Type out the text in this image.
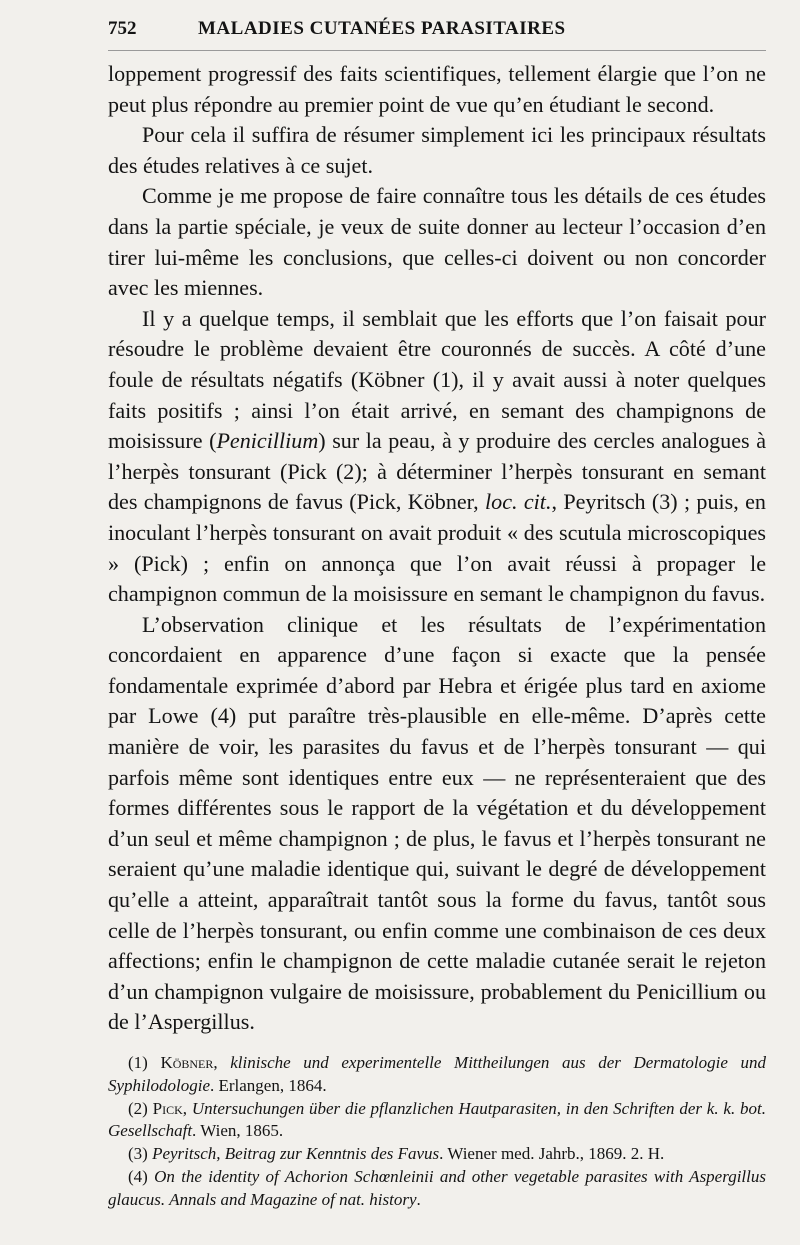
752	MALADIES CUTANÉES PARASITAIRES

loppement progressif des faits scientifiques, tellement élargie que l’on ne peut plus répondre au premier point de vue qu’en étudiant le second.

Pour cela il suffira de résumer simplement ici les principaux résultats des études relatives à ce sujet.

Comme je me propose de faire connaître tous les détails de ces études dans la partie spéciale, je veux de suite donner au lecteur l’occasion d’en tirer lui-même les conclusions, que celles-ci doivent ou non concorder avec les miennes.

Il y a quelque temps, il semblait que les efforts que l’on faisait pour résoudre le problème devaient être couronnés de succès. A côté d’une foule de résultats négatifs (Köbner (1), il y avait aussi à noter quelques faits positifs ; ainsi l’on était arrivé, en semant des champignons de moisissure (Penicillium) sur la peau, à y produire des cercles analogues à l’herpès tonsurant (Pick (2); à déterminer l’herpès tonsurant en semant des champignons de favus (Pick, Köbner, loc. cit., Peyritsch (3) ; puis, en inoculant l’herpès tonsurant on avait produit « des scutula microscopiques » (Pick) ; enfin on annonça que l’on avait réussi à propager le champignon commun de la moisissure en semant le champignon du favus.

L’observation clinique et les résultats de l’expérimentation concordaient en apparence d’une façon si exacte que la pensée fondamentale exprimée d’abord par Hebra et érigée plus tard en axiome par Lowe (4) put paraître très-plausible en elle-même. D’après cette manière de voir, les parasites du favus et de l’herpès tonsurant — qui parfois même sont identiques entre eux — ne représenteraient que des formes différentes sous le rapport de la végétation et du développement d’un seul et même champignon ; de plus, le favus et l’herpès tonsurant ne seraient qu’une maladie identique qui, suivant le degré de développement qu’elle a atteint, apparaîtrait tantôt sous la forme du favus, tantôt sous celle de l’herpès tonsurant, ou enfin comme une combinaison de ces deux affections; enfin le champignon de cette maladie cutanée serait le rejeton d’un champignon vulgaire de moisissure, probablement du Penicillium ou de l’Aspergillus.

(1) Köbner, klinische und experimentelle Mittheilungen aus der Dermatologie und Syphilodologie. Erlangen, 1864.

(2) Pick, Untersuchungen über die pflanzlichen Hautparasiten, in den Schriften der k. k. bot. Gesellschaft. Wien, 1865.

(3) Peyritsch, Beitrag zur Kenntnis des Favus. Wiener med. Jahrb., 1869. 2. H.

(4) On the identity of Achorion Schœnleinii and other vegetable parasites with Aspergillus glaucus. Annals and Magazine of nat. history.
